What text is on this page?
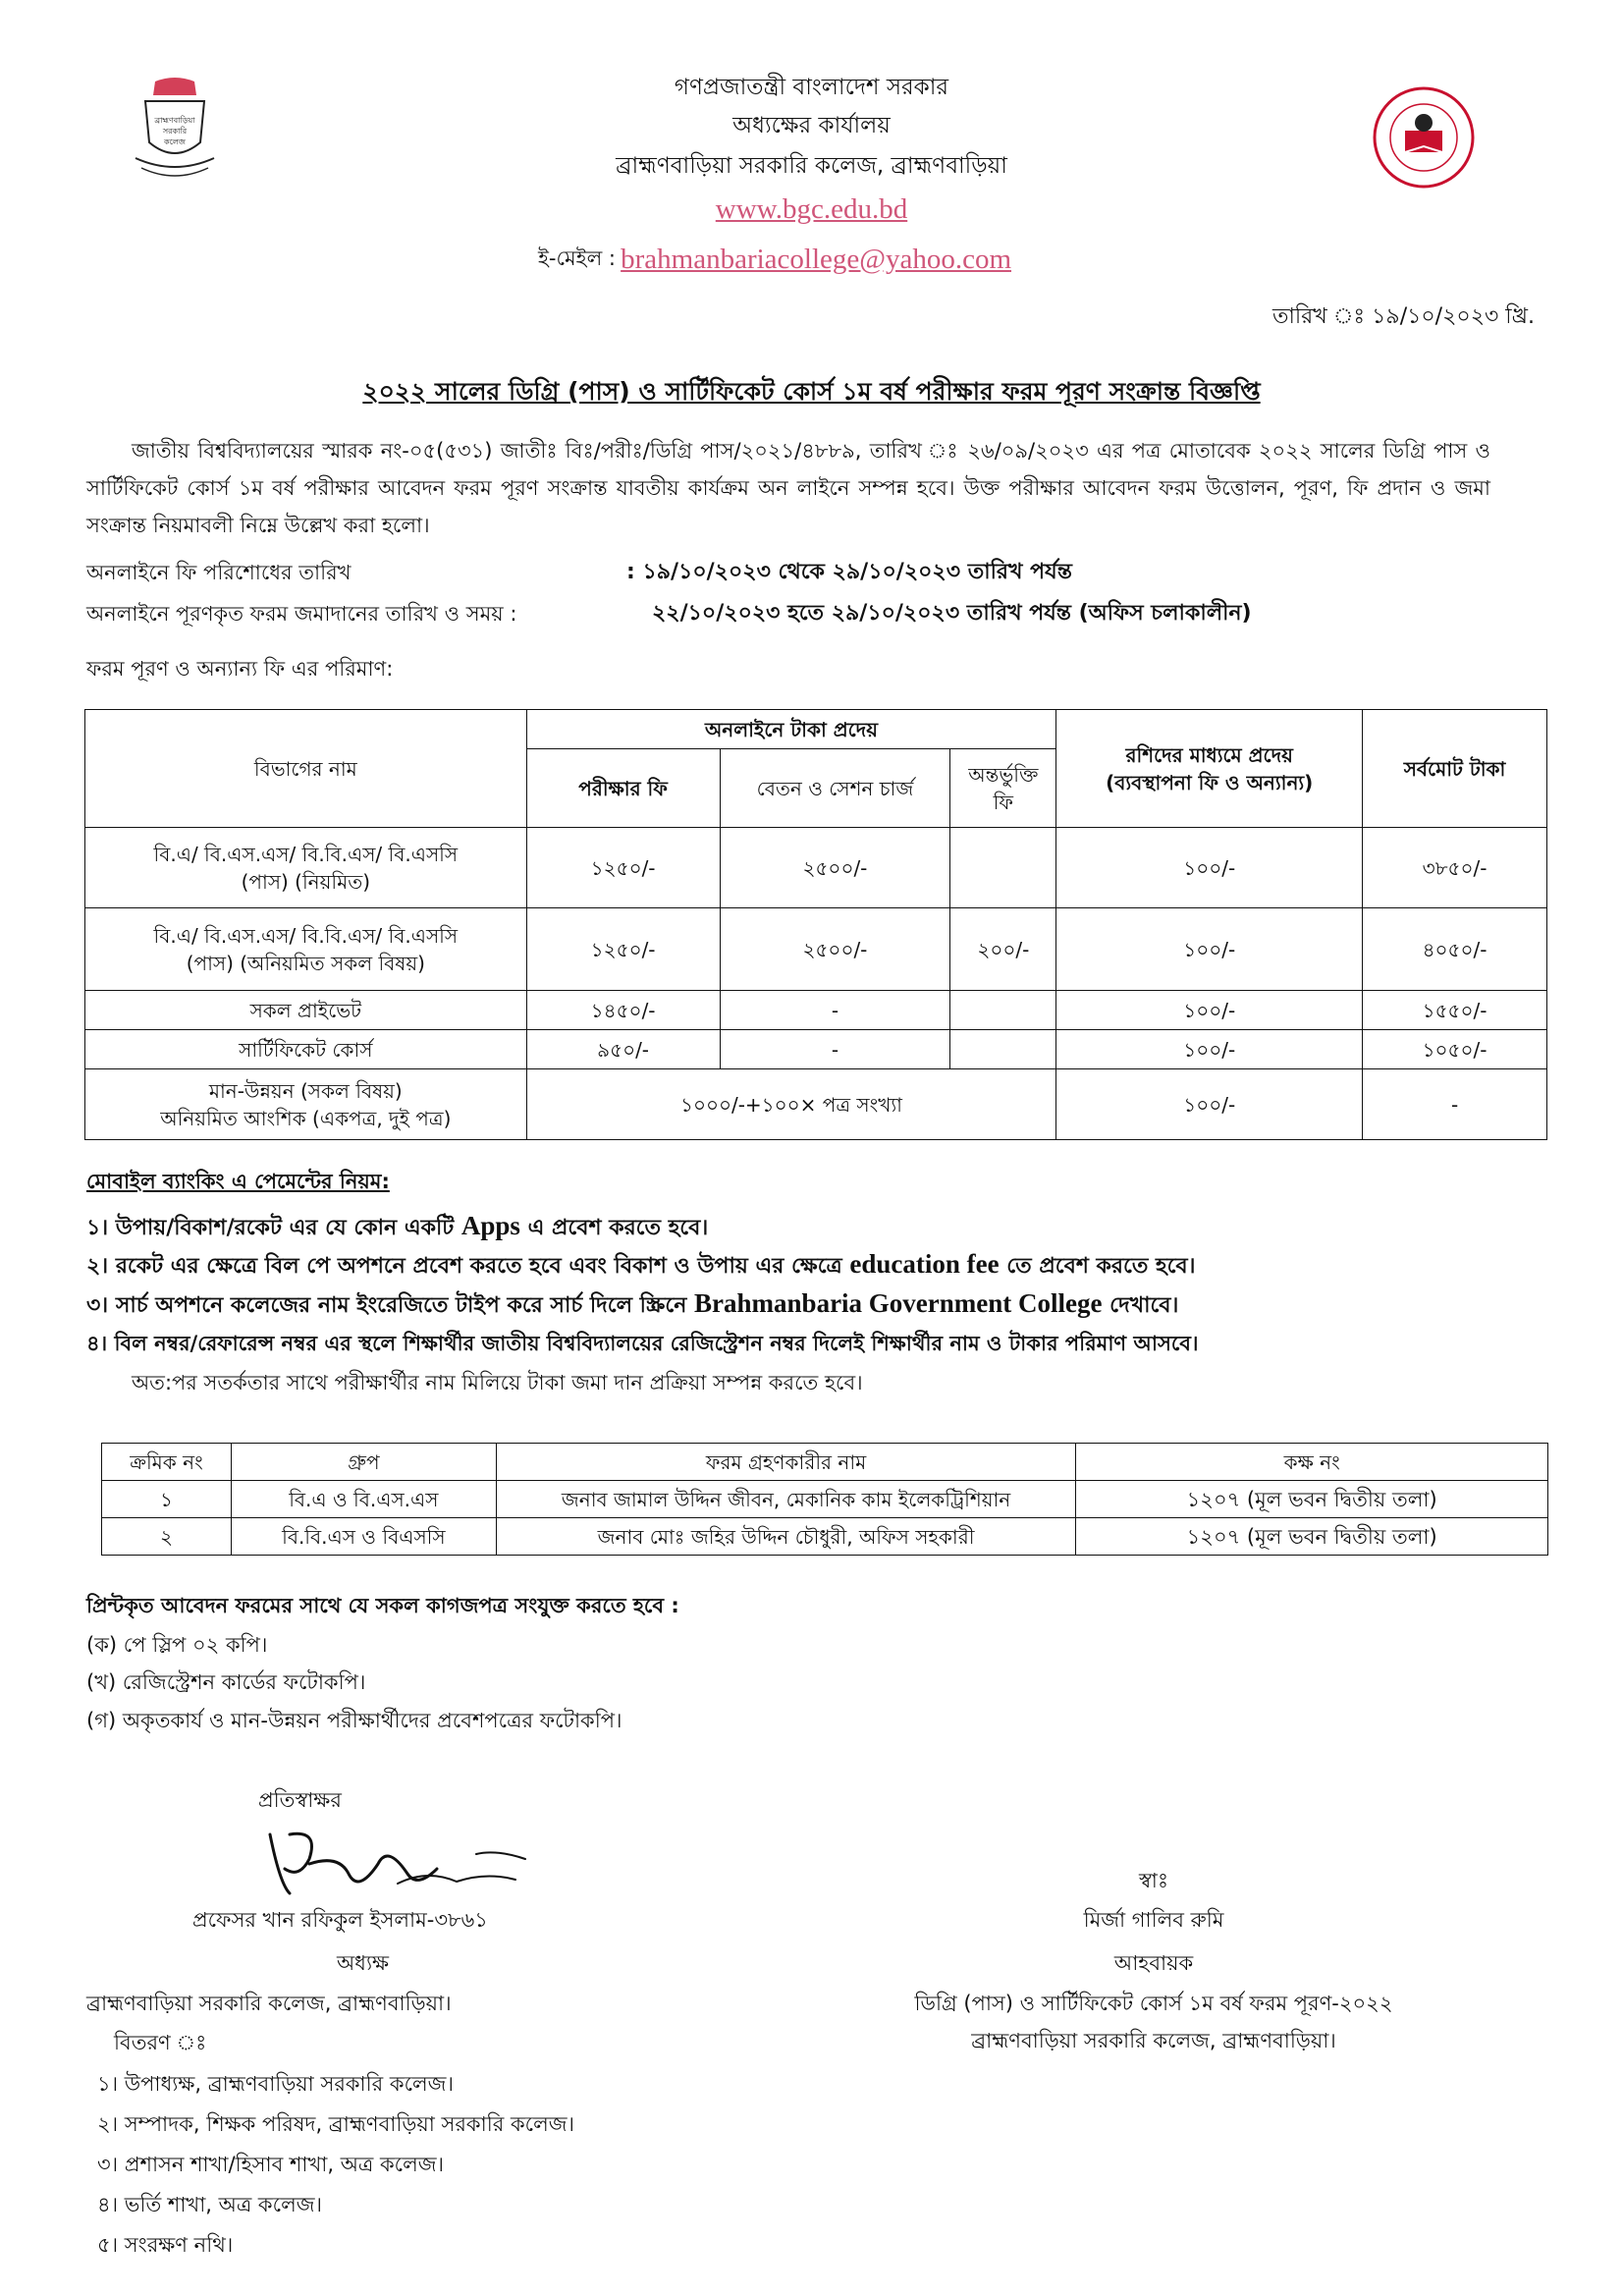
ব্রাহ্মণবাড়িয়া
সরকারি
কলেজ
গণপ্রজাতন্ত্রী বাংলাদেশ সরকার
অধ্যক্ষের কার্যালয়
ব্রাহ্মণবাড়িয়া সরকারি কলেজ, ব্রাহ্মণবাড়িয়া
www.bgc.edu.bd
ই-মেইল : brahmanbariacollege@yahoo.com
তারিখ ঃ ১৯/১০/২০২৩ খ্রি.
২০২২ সালের ডিগ্রি (পাস) ও সার্টিফিকেট কোর্স ১ম বর্ষ পরীক্ষার ফরম পূরণ সংক্রান্ত বিজ্ঞপ্তি
জাতীয় বিশ্ববিদ্যালয়ের স্মারক নং-০৫(৫৩১) জাতীঃ বিঃ/পরীঃ/ডিগ্রি পাস/২০২১/৪৮৮৯, তারিখ ঃ ২৬/০৯/২০২৩ এর পত্র মোতাবেক ২০২২ সালের ডিগ্রি পাস ও সার্টিফিকেট কোর্স ১ম বর্ষ পরীক্ষার আবেদন ফরম পূরণ সংক্রান্ত যাবতীয় কার্যক্রম অন লাইনে সম্পন্ন হবে। উক্ত পরীক্ষার আবেদন ফরম উত্তোলন, পূরণ, ফি প্রদান ও জমা সংক্রান্ত নিয়মাবলী নিম্নে উল্লেখ করা হলো।
অনলাইনে ফি পরিশোধের তারিখ	: ১৯/১০/২০২৩ থেকে ২৯/১০/২০২৩ তারিখ পর্যন্ত
অনলাইনে পূরণকৃত ফরম জমাদানের তারিখ ও সময় :	২২/১০/২০২৩ হতে ২৯/১০/২০২৩ তারিখ পর্যন্ত (অফিস চলাকালীন)
ফরম পূরণ ও অন্যান্য ফি এর পরিমাণ:
বিভাগের নাম	অনলাইনে টাকা প্রদেয়			রশিদের মাধ্যমে প্রদেয়
(ব্যবস্থাপনা ফি ও অন্যান্য)	সর্বমোট টাকা
	পরীক্ষার ফি	বেতন ও সেশন চার্জ	অন্তর্ভুক্তি
ফি		

বি.এ/ বি.এস.এস/ বি.বি.এস/ বি.এসসি
(পাস) (নিয়মিত)	১২৫০/-	২৫০০/-		১০০/-	৩৮৫০/-

বি.এ/ বি.এস.এস/ বি.বি.এস/ বি.এসসি
(পাস) (অনিয়মিত সকল বিষয়)	১২৫০/-	২৫০০/-	২০০/-	১০০/-	৪০৫০/-
সকল প্রাইভেট	১৪৫০/-	-		১০০/-	১৫৫০/-
সার্টিফিকেট কোর্স	৯৫০/-	-		১০০/-	১০৫০/-

মান-উন্নয়ন (সকল বিষয়)
অনিয়মিত আংশিক (একপত্র, দুই পত্র)	১০০০/-+১০০× পত্র সংখ্যা			১০০/-	-
মোবাইল ব্যাংকিং এ পেমেন্টের নিয়ম:
১। উপায়/বিকাশ/রকেট এর যে কোন একটি Apps এ প্রবেশ করতে হবে।
২। রকেট এর ক্ষেত্রে বিল পে অপশনে প্রবেশ করতে হবে এবং বিকাশ ও উপায় এর ক্ষেত্রে education fee তে প্রবেশ করতে হবে।
৩। সার্চ অপশনে কলেজের নাম ইংরেজিতে টাইপ করে সার্চ দিলে স্ক্রিনে Brahmanbaria Government College দেখাবে।
৪। বিল নম্বর/রেফারেন্স নম্বর এর স্থলে শিক্ষার্থীর জাতীয় বিশ্ববিদ্যালয়ের রেজিস্ট্রেশন নম্বর দিলেই শিক্ষার্থীর নাম ও টাকার পরিমাণ আসবে।
অত:পর সতর্কতার সাথে পরীক্ষার্থীর নাম মিলিয়ে টাকা জমা দান প্রক্রিয়া সম্পন্ন করতে হবে।
ক্রমিক নং	গ্রুপ	ফরম গ্রহণকারীর নাম	কক্ষ নং
১	বি.এ ও বি.এস.এস	জনাব জামাল উদ্দিন জীবন, মেকানিক কাম ইলেকট্রিশিয়ান	১২০৭ (মূল ভবন দ্বিতীয় তলা)
২	বি.বি.এস ও বিএসসি	জনাব মোঃ জহির উদ্দিন চৌধুরী, অফিস সহকারী	১২০৭ (মূল ভবন দ্বিতীয় তলা)
প্রিন্টকৃত আবেদন ফরমের সাথে যে সকল কাগজপত্র সংযুক্ত করতে হবে :
(ক) পে স্লিপ ০২ কপি।
(খ) রেজিস্ট্রেশন কার্ডের ফটোকপি।
(গ) অকৃতকার্য ও মান-উন্নয়ন পরীক্ষার্থীদের প্রবেশপত্রের ফটোকপি।
প্রতিস্বাক্ষর
প্রফেসর খান রফিকুল ইসলাম-৩৮৬১
অধ্যক্ষ
ব্রাহ্মণবাড়িয়া সরকারি কলেজ, ব্রাহ্মণবাড়িয়া।
স্বাঃ
মির্জা গালিব রুমি
আহবায়ক
ডিগ্রি (পাস) ও সার্টিফিকেট কোর্স ১ম বর্ষ ফরম পূরণ-২০২২
ব্রাহ্মণবাড়িয়া সরকারি কলেজ, ব্রাহ্মণবাড়িয়া।
বিতরণ ঃ
১। উপাধ্যক্ষ, ব্রাহ্মণবাড়িয়া সরকারি কলেজ।
২। সম্পাদক, শিক্ষক পরিষদ, ব্রাহ্মণবাড়িয়া সরকারি কলেজ।
৩। প্রশাসন শাখা/হিসাব শাখা, অত্র কলেজ।
৪। ভর্তি শাখা, অত্র কলেজ।
৫। সংরক্ষণ নথি।
